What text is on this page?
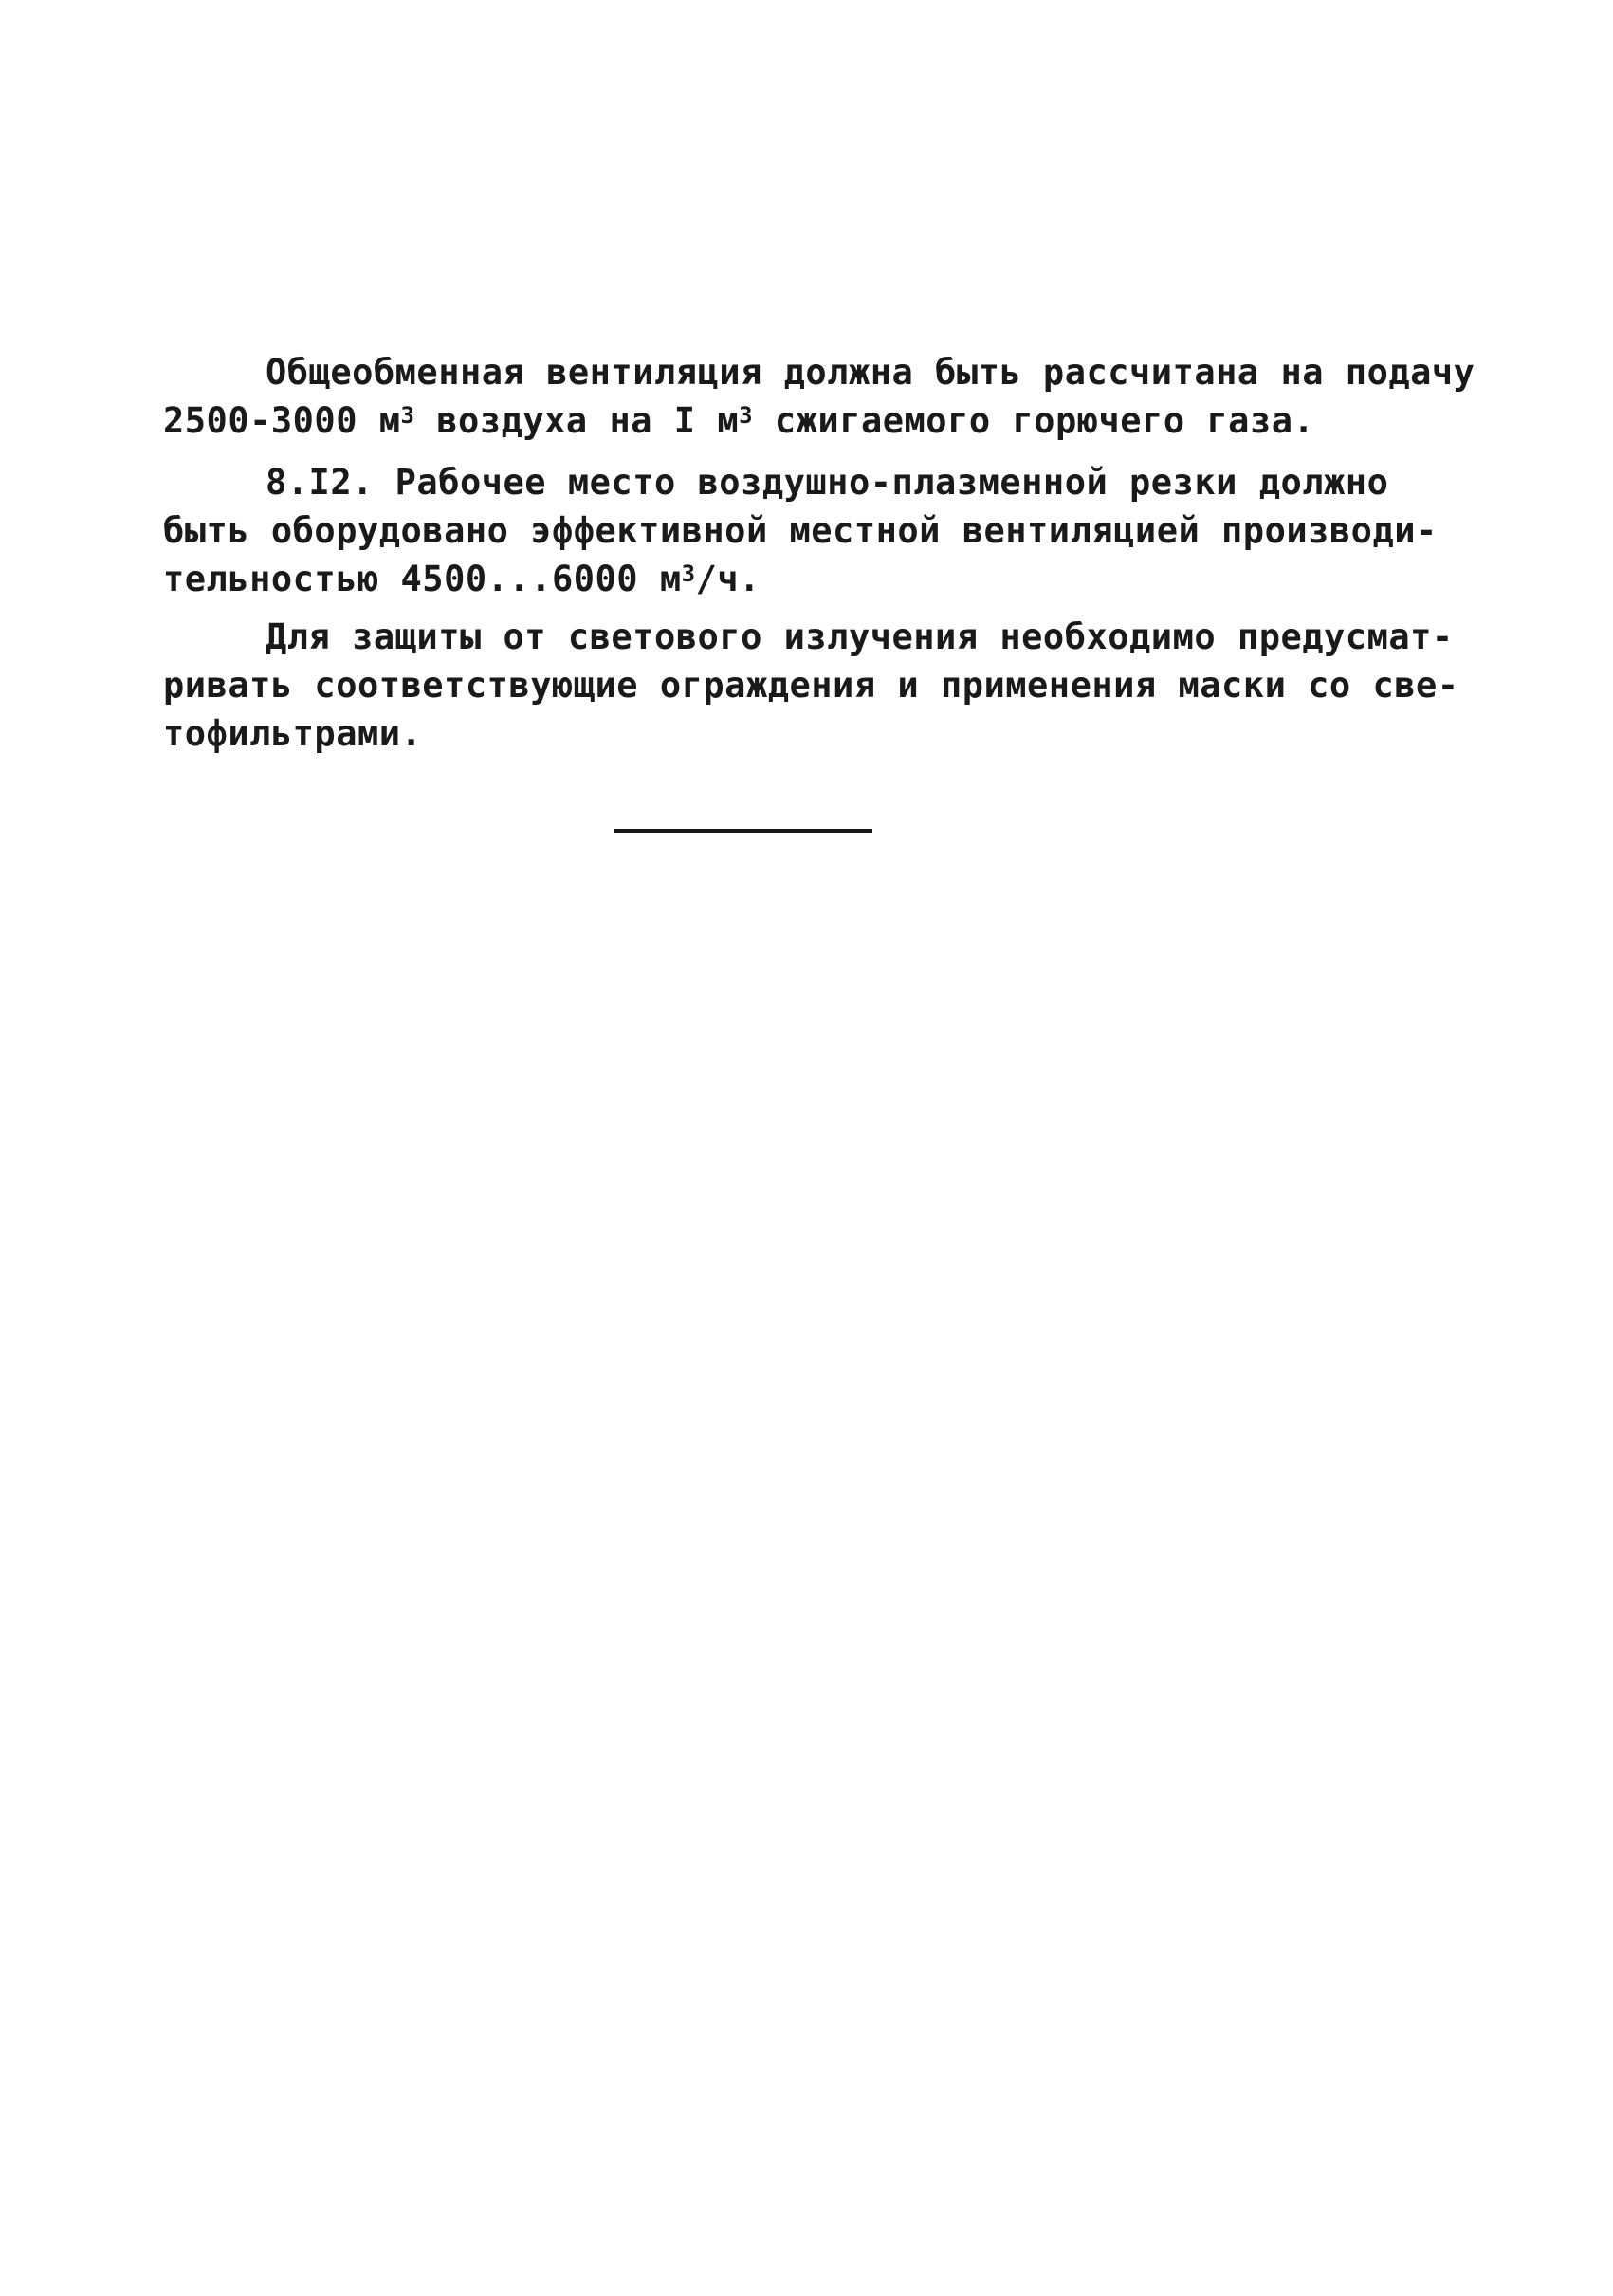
Общеобменная вентиляция должна быть рассчитана на подачу
2500-3000 $м^3$ воздуха на I $м^3$ сжигаемого горючего газа.
8.I2. Рабочее место воздушно-плазменной резки должно
быть оборудовано эффективной местной вентиляцией производи-
тельностью 4500...6000 $м^3/ч$.
Для защиты от светового излучения необходимо предусмат-
ривать соответствующие ограждения и применения маски со све-
тофильтрами.
